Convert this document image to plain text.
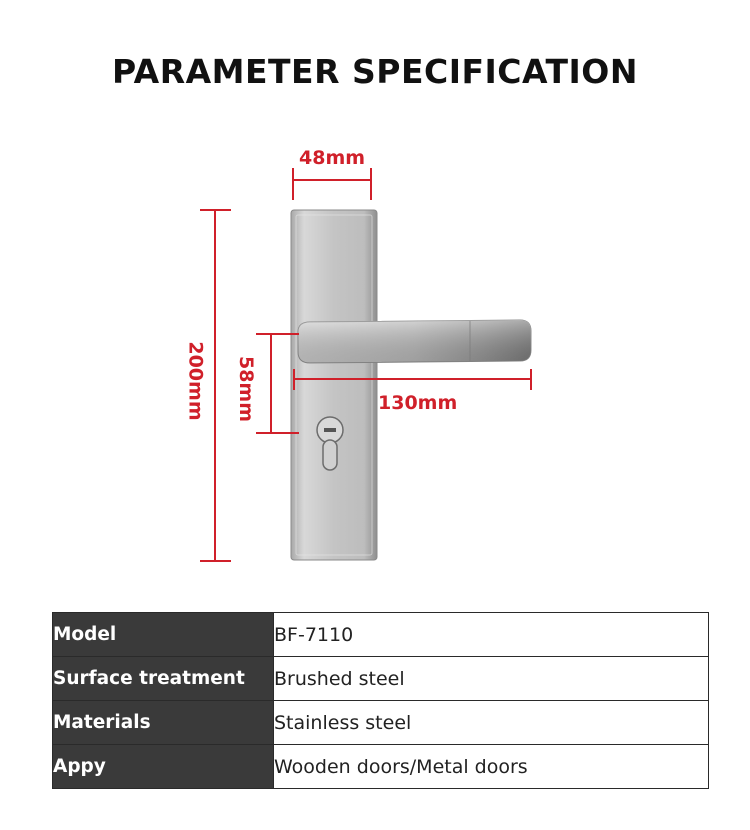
PARAMETER SPECIFICATION
48mm
200mm 58mm	130mm
Model	BF-7110
Surface treatment	Brushed steel
Materials	Stainless steel
Appy	Wooden doors/Metal doors
